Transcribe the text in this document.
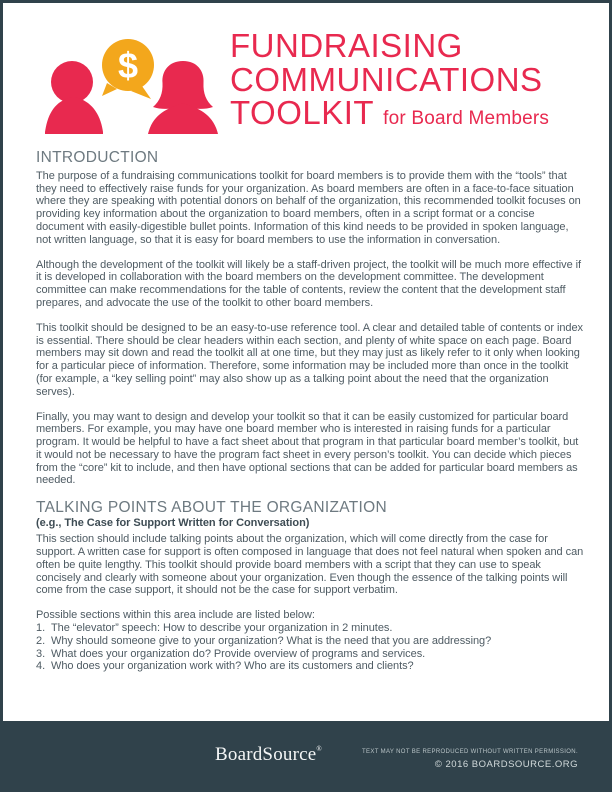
$	FUNDRAISING
COMMUNICATIONS
TOOLKIT for Board Members
INTRODUCTION

The purpose of a fundraising communications toolkit for board members is to provide them with the “tools” that they need to effectively raise funds for your organization. As board members are often in a face-to-face situation where they are speaking with potential donors on behalf of the organization, this recommended toolkit focuses on providing key information about the organization to board members, often in a script format or a concise document with easily-digestible bullet points. Information of this kind needs to be provided in spoken language, not written language, so that it is easy for board members to use the information in conversation.

Although the development of the toolkit will likely be a staff-driven project, the toolkit will be much more effective if it is developed in collaboration with the board members on the development committee. The development committee can make recommendations for the table of contents, review the content that the development staff prepares, and advocate the use of the toolkit to other board members.

This toolkit should be designed to be an easy-to-use reference tool. A clear and detailed table of contents or index is essential. There should be clear headers within each section, and plenty of white space on each page. Board members may sit down and read the toolkit all at one time, but they may just as likely refer to it only when looking for a particular piece of information. Therefore, some information may be included more than once in the toolkit (for example, a “key selling point” may also show up as a talking point about the need that the organization serves).

Finally, you may want to design and develop your toolkit so that it can be easily customized for particular board members. For example, you may have one board member who is interested in raising funds for a particular program. It would be helpful to have a fact sheet about that program in that particular board member’s toolkit, but it would not be necessary to have the program fact sheet in every person’s toolkit. You can decide which pieces from the “core” kit to include, and then have optional sections that can be added for particular board members as needed.

TALKING POINTS ABOUT THE ORGANIZATION
(e.g., The Case for Support Written for Conversation)

This section should include talking points about the organization, which will come directly from the case for support. A written case for support is often composed in language that does not feel natural when spoken and can often be quite lengthy. This toolkit should provide board members with a script that they can use to speak concisely and clearly with someone about your organization. Even though the essence of the talking points will come from the case support, it should not be the case for support verbatim.

Possible sections within this area include are listed below:
1. The “elevator” speech: How to describe your organization in 2 minutes.
2. Why should someone give to your organization? What is the need that you are addressing?
3. What does your organization do? Provide overview of programs and services.
4. Who does your organization work with? Who are its customers and clients?
BoardSource®	TEXT MAY NOT BE REPRODUCED WITHOUT WRITTEN PERMISSION.
© 2016 BOARDSOURCE.ORG
